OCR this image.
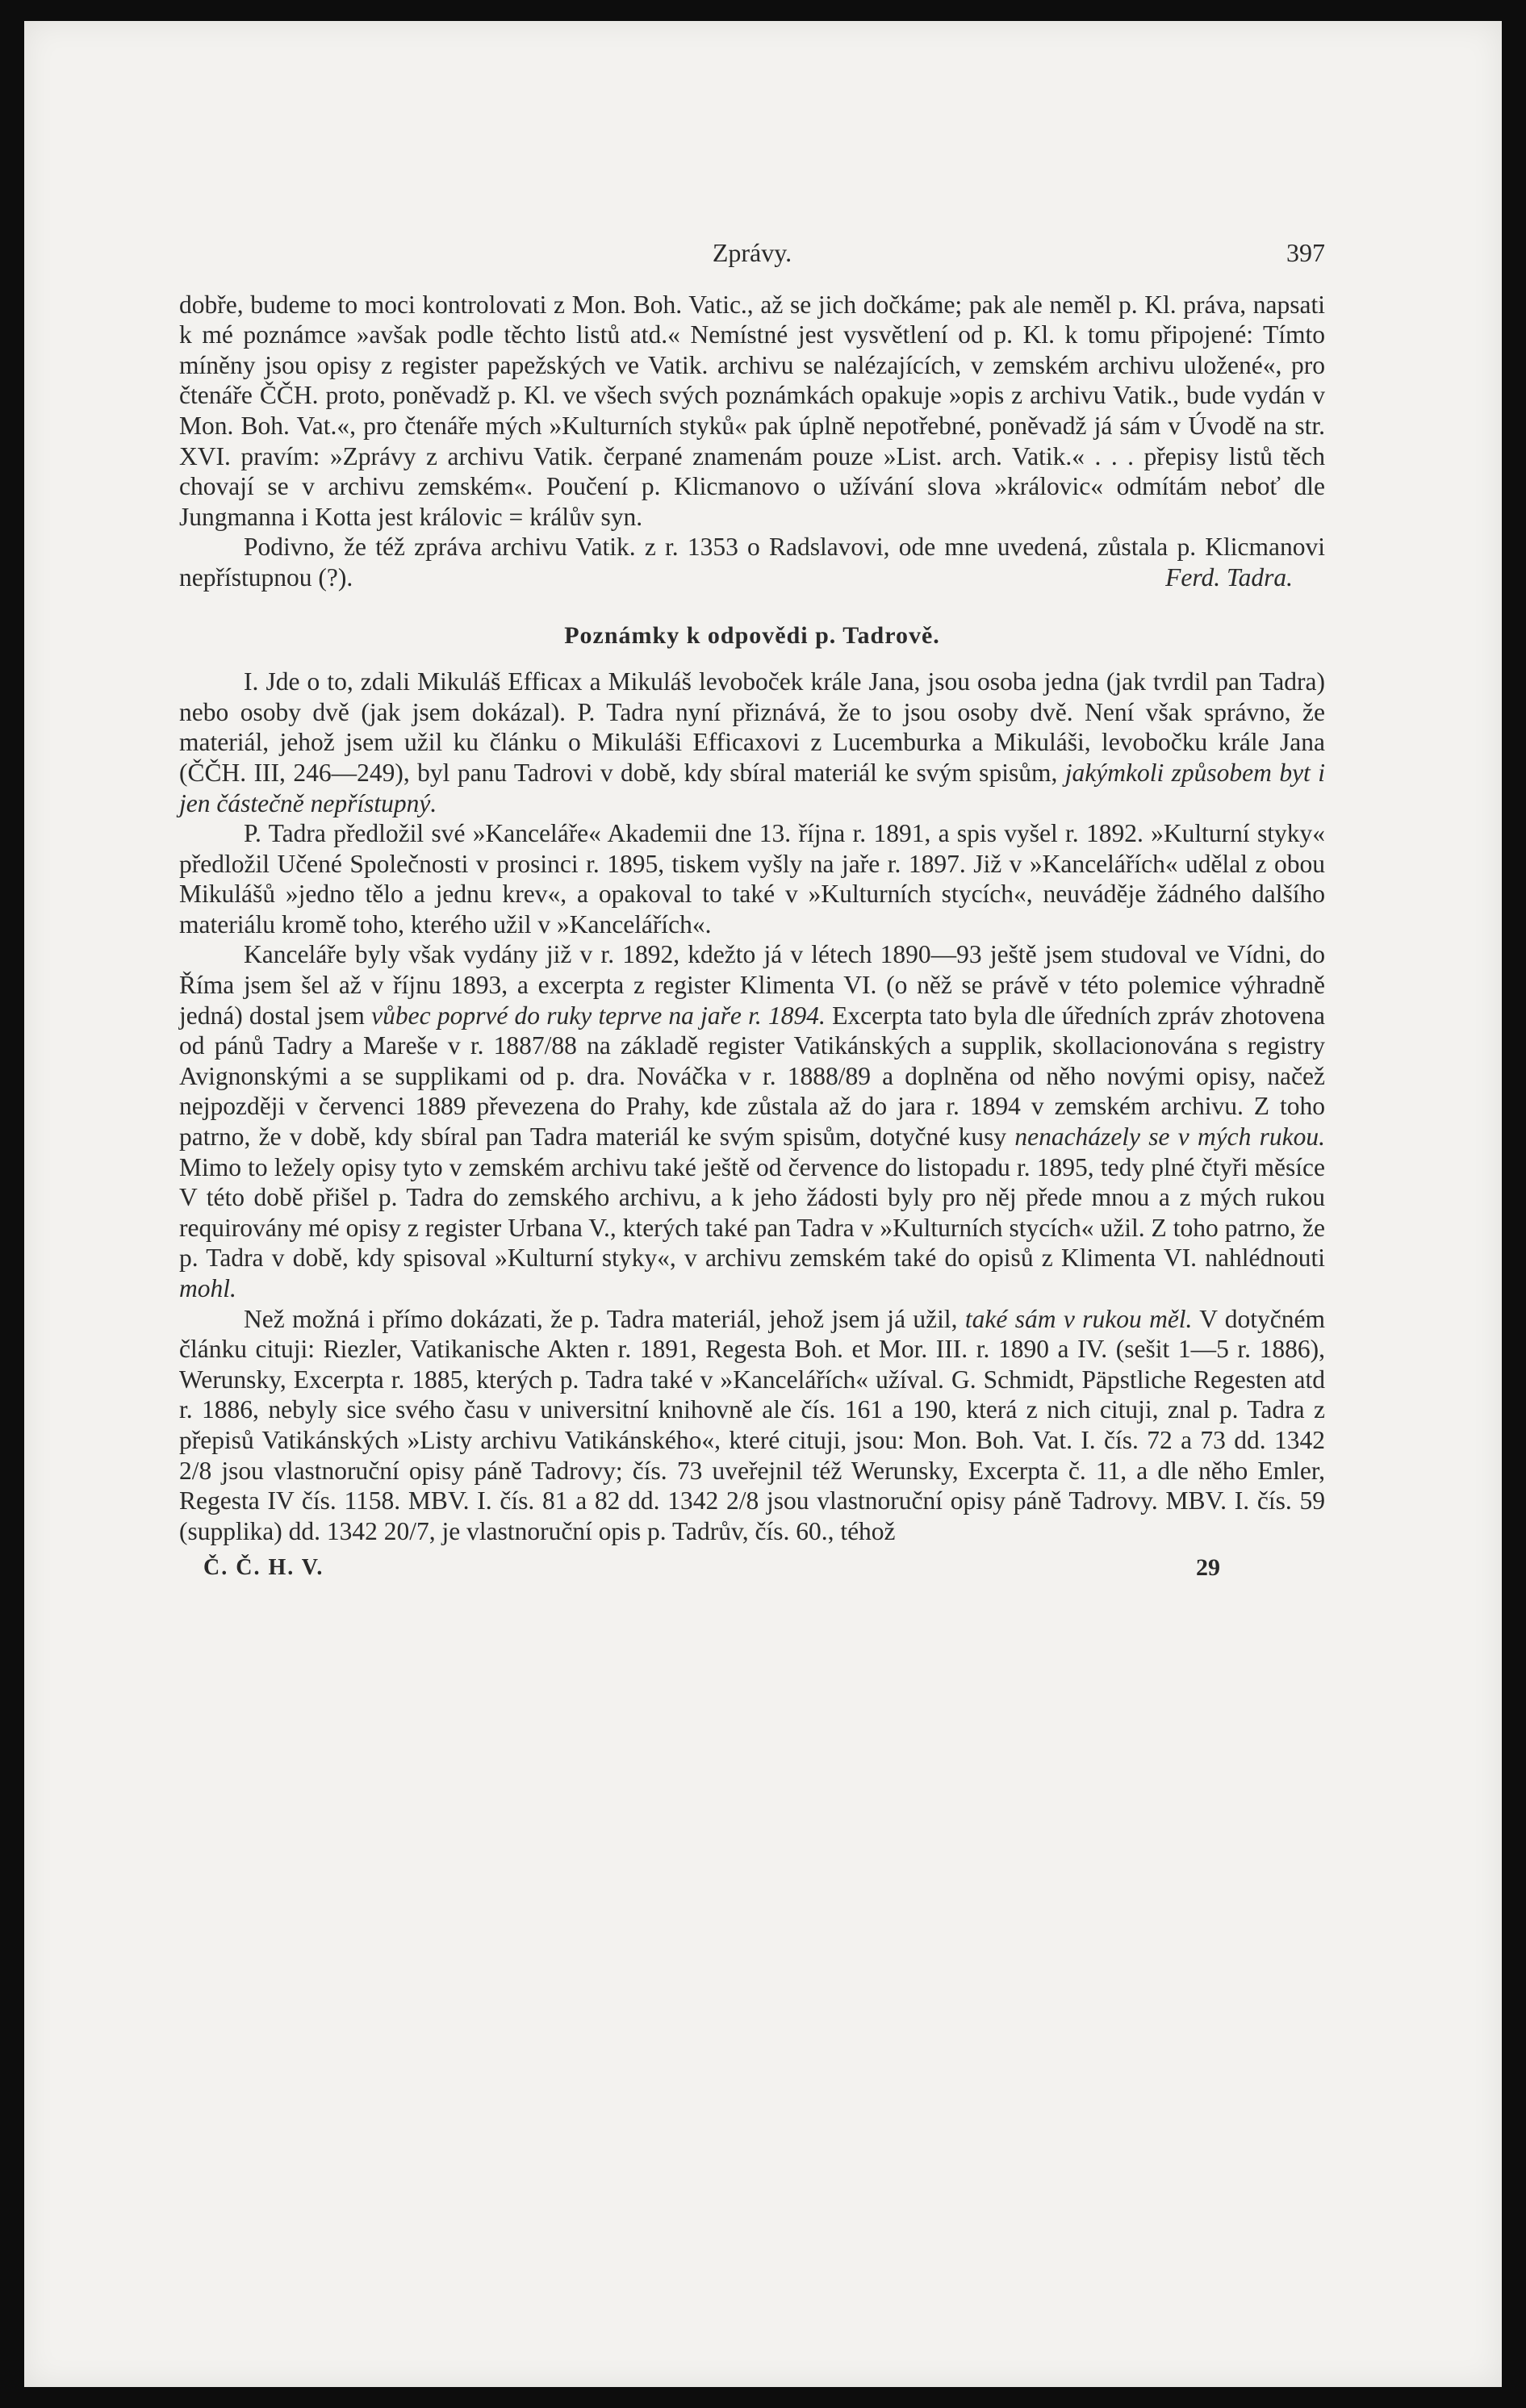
Zprávy.	397

dobře, budeme to moci kontrolovati z Mon. Boh. Vatic., až se jich dočkáme; pak ale neměl p. Kl. práva, napsati k mé poznámce »avšak podle těchto listů atd.« Nemístné jest vysvětlení od p. Kl. k tomu připojené: Tímto míněny jsou opisy z register papežských ve Vatik. archivu se nalézajících, v zemském archivu uložené«, pro čtenáře ČČH. proto, poněvadž p. Kl. ve všech svých poznámkách opakuje »opis z archivu Vatik., bude vydán v Mon. Boh. Vat.«, pro čtenáře mých »Kulturních styků« pak úplně nepotřebné, poněvadž já sám v Úvodě na str. XVI. pravím: »Zprávy z archivu Vatik. čerpané znamenám pouze »List. arch. Vatik.« . . . přepisy listů těch chovají se v archivu zemském«. Poučení p. Klicmanovo o užívání slova »královic« odmítám neboť dle Jungmanna i Kotta jest královic = králův syn.

Podivno, že též zpráva archivu Vatik. z r. 1353 o Radslavovi, ode mne uvedená, zůstala p. Klicmanovi nepřístupnou (?).	Ferd. Tadra.
Poznámky k odpovědi p. Tadrově.

I. Jde o to, zdali Mikuláš Efficax a Mikuláš levoboček krále Jana, jsou osoba jedna (jak tvrdil pan Tadra) nebo osoby dvě (jak jsem dokázal). P. Tadra nyní přiznává, že to jsou osoby dvě. Není však správno, že materiál, jehož jsem užil ku článku o Mikuláši Efficaxovi z Lucemburka a Mikuláši, levobočku krále Jana (ČČH. III, 246—249), byl panu Tadrovi v době, kdy sbíral materiál ke svým spisům, jakýmkoli způsobem byt i jen částečně nepřístupný.

P. Tadra předložil své »Kanceláře« Akademii dne 13. října r. 1891, a spis vyšel r. 1892. »Kulturní styky« předložil Učené Společnosti v prosinci r. 1895, tiskem vyšly na jaře r. 1897. Již v »Kancelářích« udělal z obou Mikulášů »jedno tělo a jednu krev«, a opakoval to také v »Kulturních stycích«, neuváděje žádného dalšího materiálu kromě toho, kterého užil v »Kancelářích«.

Kanceláře byly však vydány již v r. 1892, kdežto já v létech 1890—93 ještě jsem studoval ve Vídni, do Říma jsem šel až v říjnu 1893, a excerpta z register Klimenta VI. (o něž se právě v této polemice výhradně jedná) dostal jsem vůbec poprvé do ruky teprve na jaře r. 1894. Excerpta tato byla dle úředních zpráv zhotovena od pánů Tadry a Mareše v r. 1887/88 na základě register Vatikánských a supplik, skollacionována s registry Avignonskými a se supplikami od p. dra. Nováčka v r. 1888/89 a doplněna od něho novými opisy, načež nejpozději v červenci 1889 převezena do Prahy, kde zůstala až do jara r. 1894 v zemském archivu. Z toho patrno, že v době, kdy sbíral pan Tadra materiál ke svým spisům, dotyčné kusy nenacházely se v mých rukou. Mimo to ležely opisy tyto v zemském archivu také ještě od července do listopadu r. 1895, tedy plné čtyři měsíce V této době přišel p. Tadra do zemského archivu, a k jeho žádosti byly pro něj přede mnou a z mých rukou requirovány mé opisy z register Urbana V., kterých také pan Tadra v »Kulturních stycích« užil. Z toho patrno, že p. Tadra v době, kdy spisoval »Kulturní styky«, v archivu zemském také do opisů z Klimenta VI. nahlédnouti mohl.

Než možná i přímo dokázati, že p. Tadra materiál, jehož jsem já užil, také sám v rukou měl. V dotyčném článku cituji: Riezler, Vatikanische Akten r. 1891, Regesta Boh. et Mor. III. r. 1890 a IV. (sešit 1—5 r. 1886), Werunsky, Excerpta r. 1885, kterých p. Tadra také v »Kancelářích« užíval. G. Schmidt, Päpstliche Regesten atd r. 1886, nebyly sice svého času v universitní knihovně ale čís. 161 a 190, která z nich cituji, znal p. Tadra z přepisů Vatikánských »Listy archivu Vatikánského«, které cituji, jsou: Mon. Boh. Vat. I. čís. 72 a 73 dd. 1342 2/8 jsou vlastnoruční opisy páně Tadrovy; čís. 73 uveřejnil též Werunsky, Excerpta č. 11, a dle něho Emler, Regesta IV čís. 1158. MBV. I. čís. 81 a 82 dd. 1342 2/8 jsou vlastnoruční opisy páně Tadrovy. MBV. I. čís. 59 (supplika) dd. 1342 20/7, je vlastnoruční opis p. Tadrův, čís. 60., téhož

Č. Č. H. V.	29
